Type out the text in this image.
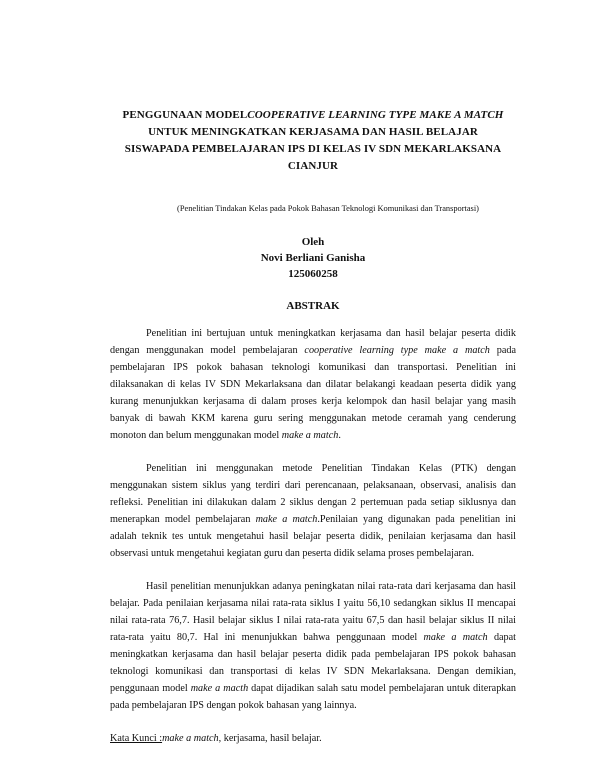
PENGGUNAAN MODELCOOPERATIVE LEARNING TYPE MAKE A MATCH
UNTUK MENINGKATKAN KERJASAMA DAN HASIL BELAJAR
SISWAPADA PEMBELAJARAN IPS DI KELAS IV SDN MEKARLAKSANA
CIANJUR

(Penelitian Tindakan Kelas pada Pokok Bahasan Teknologi Komunikasi dan Transportasi)

Oleh
Novi Berliani Ganisha
125060258
ABSTRAK

Penelitian ini bertujuan untuk meningkatkan kerjasama dan hasil belajar peserta didik dengan menggunakan model pembelajaran cooperative learning type make a match pada pembelajaran IPS pokok bahasan teknologi komunikasi dan transportasi. Penelitian ini dilaksanakan di kelas IV SDN Mekarlaksana dan dilatar belakangi keadaan peserta didik yang kurang menunjukkan kerjasama di dalam proses kerja kelompok dan hasil belajar yang masih banyak di bawah KKM karena guru sering menggunakan metode ceramah yang cenderung monoton dan belum menggunakan model make a match.

Penelitian ini menggunakan metode Penelitian Tindakan Kelas (PTK) dengan menggunakan sistem siklus yang terdiri dari perencanaan, pelaksanaan, observasi, analisis dan refleksi. Penelitian ini dilakukan dalam 2 siklus dengan 2 pertemuan pada setiap siklusnya dan menerapkan model pembelajaran make a match.Penilaian yang digunakan pada penelitian ini adalah teknik tes untuk mengetahui hasil belajar peserta didik, penilaian kerjasama dan hasil observasi untuk mengetahui kegiatan guru dan peserta didik selama proses pembelajaran.

Hasil penelitian menunjukkan adanya peningkatan nilai rata-rata dari kerjasama dan hasil belajar. Pada penilaian kerjasama nilai rata-rata siklus I yaitu 56,10 sedangkan siklus II mencapai nilai rata-rata 76,7. Hasil belajar siklus I nilai rata-rata yaitu 67,5 dan hasil belajar siklus II nilai rata-rata yaitu 80,7. Hal ini menunjukkan bahwa penggunaan model make a match dapat meningkatkan kerjasama dan hasil belajar peserta didik pada pembelajaran IPS pokok bahasan teknologi komunikasi dan transportasi di kelas IV SDN Mekarlaksana. Dengan demikian, penggunaan model make a macth dapat dijadikan salah satu model pembelajaran untuk diterapkan pada pembelajaran IPS dengan pokok bahasan yang lainnya.

Kata Kunci :make a match, kerjasama, hasil belajar.
